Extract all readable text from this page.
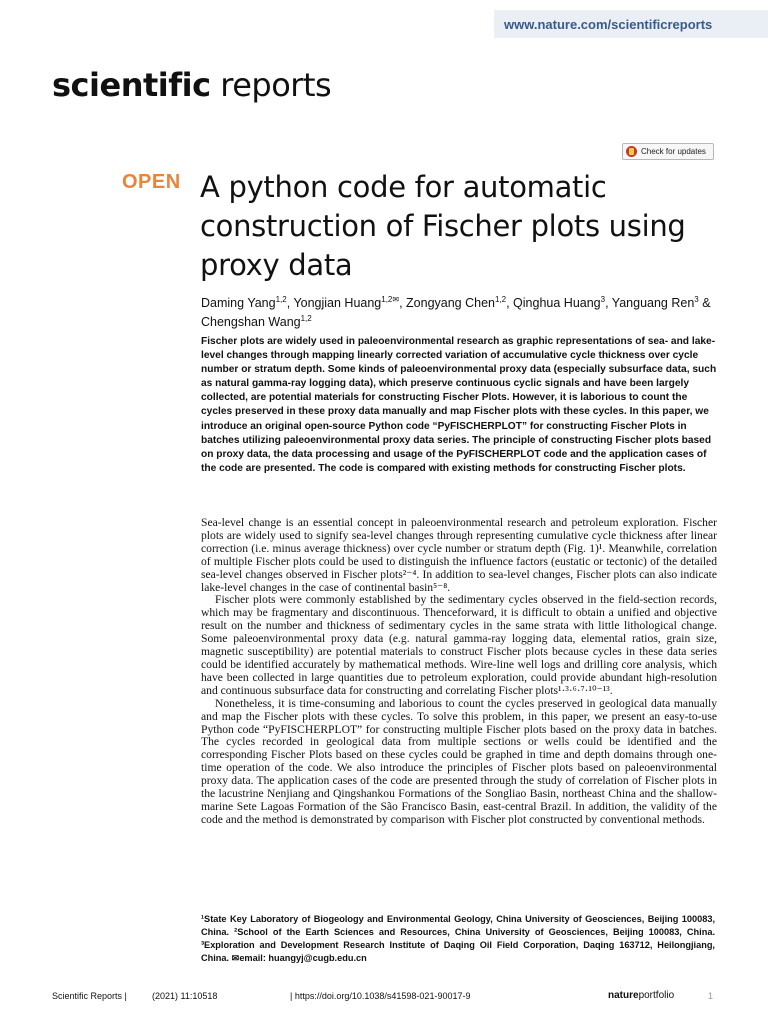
www.nature.com/scientificreports
scientific reports
Check for updates
OPEN A python code for automatic construction of Fischer plots using proxy data
Daming Yang$^{1,2}$, Yongjian Huang$^{1,2✉}$, Zongyang Chen$^{1,2}$, Qinghua Huang$^3$, Yanguang Ren$^3$ & Chengshan Wang$^{1,2}$
Fischer plots are widely used in paleoenvironmental research as graphic representations of sea- and lake-level changes through mapping linearly corrected variation of accumulative cycle thickness over cycle number or stratum depth. Some kinds of paleoenvironmental proxy data (especially subsurface data, such as natural gamma-ray logging data), which preserve continuous cyclic signals and have been largely collected, are potential materials for constructing Fischer Plots. However, it is laborious to count the cycles preserved in these proxy data manually and map Fischer plots with these cycles. In this paper, we introduce an original open-source Python code “PyFISCHERPLOT” for constructing Fischer Plots in batches utilizing paleoenvironmental proxy data series. The principle of constructing Fischer plots based on proxy data, the data processing and usage of the PyFISCHERPLOT code and the application cases of the code are presented. The code is compared with existing methods for constructing Fischer plots.

Sea-level change is an essential concept in paleoenvironmental research and petroleum exploration. Fischer plots are widely used to signify sea-level changes through representing cumulative cycle thickness after linear correction (i.e. minus average thickness) over cycle number or stratum depth (Fig. 1)¹. Meanwhile, correlation of multiple Fischer plots could be used to distinguish the influence factors (eustatic or tectonic) of the detailed sea-level changes observed in Fischer plots²⁻⁴. In addition to sea-level changes, Fischer plots can also indicate lake-level changes in the case of continental basin⁵⁻⁸.

Fischer plots were commonly established by the sedimentary cycles observed in the field-section records, which may be fragmentary and discontinuous. Thenceforward, it is difficult to obtain a unified and objective result on the number and thickness of sedimentary cycles in the same strata with little lithological change. Some paleoenvironmental proxy data (e.g. natural gamma-ray logging data, elemental ratios, grain size, magnetic susceptibility) are potential materials to construct Fischer plots because cycles in these data series could be identified accurately by mathematical methods. Wire-line well logs and drilling core analysis, which have been collected in large quantities due to petroleum exploration, could provide abundant high-resolution and continuous subsurface data for constructing and correlating Fischer plots¹·³·⁶·⁷·¹⁰⁻¹³.

Nonetheless, it is time-consuming and laborious to count the cycles preserved in geological data manually and map the Fischer plots with these cycles. To solve this problem, in this paper, we present an easy-to-use Python code “PyFISCHERPLOT” for constructing multiple Fischer plots based on the proxy data in batches. The cycles recorded in geological data from multiple sections or wells could be identified and the corresponding Fischer Plots based on these cycles could be graphed in time and depth domains through one-time operation of the code. We also introduce the principles of Fischer plots based on paleoenvironmental proxy data. The application cases of the code are presented through the study of correlation of Fischer plots in the lacustrine Nenjiang and Qingshankou Formations of the Songliao Basin, northeast China and the shallow-marine Sete Lagoas Formation of the São Francisco Basin, east-central Brazil. In addition, the validity of the code and the method is demonstrated by comparison with Fischer plot constructed by conventional methods.

¹State Key Laboratory of Biogeology and Environmental Geology, China University of Geosciences, Beijing 100083, China. ²School of the Earth Sciences and Resources, China University of Geosciences, Beijing 100083, China. ³Exploration and Development Research Institute of Daqing Oil Field Corporation, Daqing 163712, Heilongjiang, China. ✉email: huangyj@cugb.edu.cn
Scientific Reports |	(2021) 11:10518	| https://doi.org/10.1038/s41598-021-90017-9	natureportfolio	1
